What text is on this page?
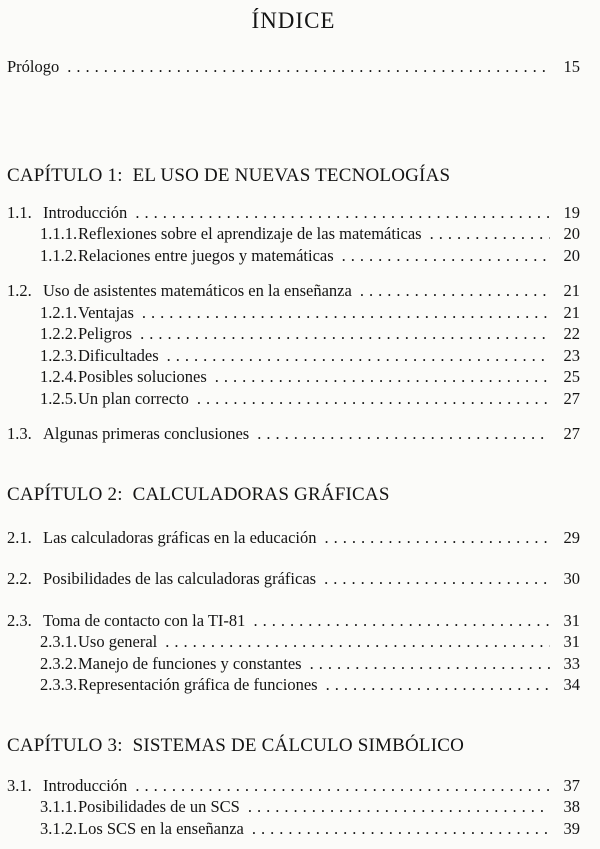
ÍNDICE
Prólogo .....	15
CAPÍTULO 1:  EL USO DE NUEVAS TECNOLOGÍAS
1.1. Introducción .....	19
1.1.1. Reflexiones sobre el aprendizaje de las matemáticas .....	20
1.1.2. Relaciones entre juegos y matemáticas .....	20
1.2. Uso de asistentes matemáticos en la enseñanza .....	21
1.2.1. Ventajas .....	21
1.2.2. Peligros .....	22
1.2.3. Dificultades .....	23
1.2.4. Posibles soluciones .....	25
1.2.5. Un plan correcto .....	27
1.3. Algunas primeras conclusiones .....	27
CAPÍTULO 2:  CALCULADORAS GRÁFICAS
2.1. Las calculadoras gráficas en la educación .....	29
2.2. Posibilidades de las calculadoras gráficas .....	30
2.3. Toma de contacto con la TI-81 .....	31
2.3.1. Uso general .....	31
2.3.2. Manejo de funciones y constantes .....	33
2.3.3. Representación gráfica de funciones .....	34
CAPÍTULO 3:  SISTEMAS DE CÁLCULO SIMBÓLICO
3.1. Introducción .....	37
3.1.1. Posibilidades de un SCS .....	38
3.1.2. Los SCS en la enseñanza .....	39
